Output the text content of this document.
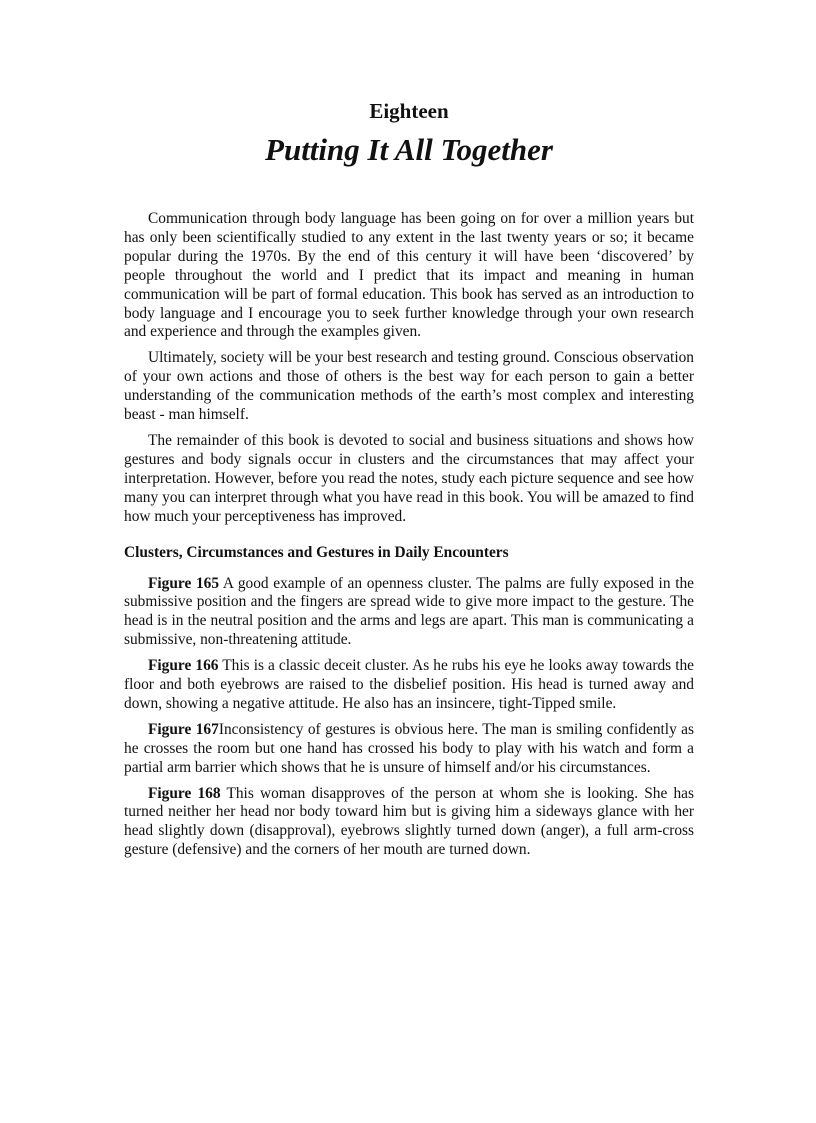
Eighteen
Putting It All Together

Communication through body language has been going on for over a million years but has only been scientifically studied to any extent in the last twenty years or so; it became popular during the 1970s. By the end of this century it will have been ‘discovered’ by people throughout the world and I predict that its impact and meaning in human communication will be part of formal education. This book has served as an introduction to body language and I encourage you to seek further knowledge through your own research and experience and through the examples given.

Ultimately, society will be your best research and testing ground. Conscious observation of your own actions and those of others is the best way for each person to gain a better understanding of the communication methods of the earth’s most complex and interesting beast - man himself.

The remainder of this book is devoted to social and business situations and shows how gestures and body signals occur in clusters and the circumstances that may affect your interpretation. However, before you read the notes, study each picture sequence and see how many you can interpret through what you have read in this book. You will be amazed to find how much your perceptiveness has improved.

Clusters, Circumstances and Gestures in Daily Encounters

Figure 165 A good example of an openness cluster. The palms are fully exposed in the submissive position and the fingers are spread wide to give more impact to the gesture. The head is in the neutral position and the arms and legs are apart. This man is communicating a submissive, non-threatening attitude.

Figure 166 This is a classic deceit cluster. As he rubs his eye he looks away towards the floor and both eyebrows are raised to the disbelief position. His head is turned away and down, showing a negative attitude. He also has an insincere, tight-Tipped smile.

Figure 167Inconsistency of gestures is obvious here. The man is smiling confidently as he crosses the room but one hand has crossed his body to play with his watch and form a partial arm barrier which shows that he is unsure of himself and/or his circumstances.

Figure 168 This woman disapproves of the person at whom she is looking. She has turned neither her head nor body toward him but is giving him a sideways glance with her head slightly down (disapproval), eyebrows slightly turned down (anger), a full arm-cross gesture (defensive) and the corners of her mouth are turned down.
